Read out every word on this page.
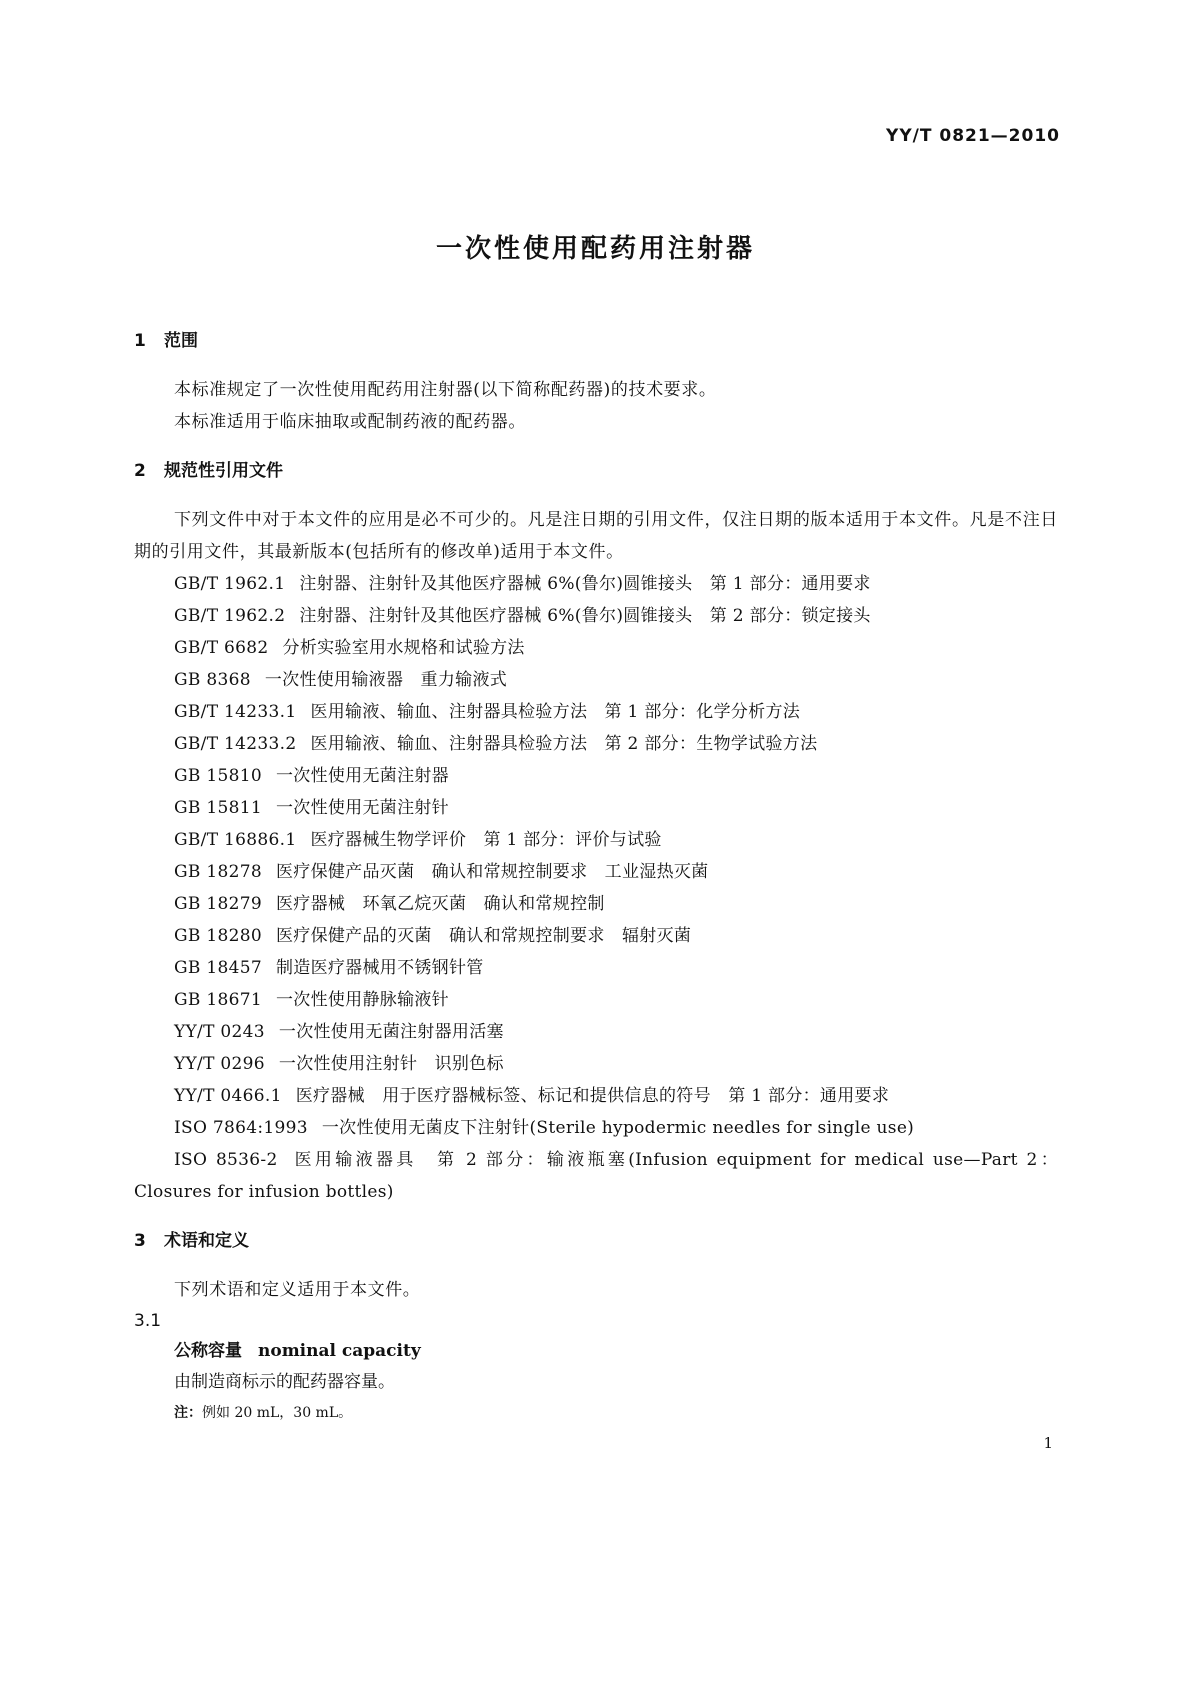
YY/T 0821—2010
一次性使用配药用注射器
1 范围

本标准规定了一次性使用配药用注射器(以下简称配药器)的技术要求。

本标准适用于临床抽取或配制药液的配药器。

2 规范性引用文件

下列文件中对于本文件的应用是必不可少的。凡是注日期的引用文件，仅注日期的版本适用于本文件。凡是不注日期的引用文件，其最新版本(包括所有的修改单)适用于本文件。

GB/T 1962.1 注射器、注射针及其他医疗器械 6%(鲁尔)圆锥接头　第 1 部分：通用要求

GB/T 1962.2 注射器、注射针及其他医疗器械 6%(鲁尔)圆锥接头　第 2 部分：锁定接头

GB/T 6682 分析实验室用水规格和试验方法

GB 8368 一次性使用输液器　重力输液式

GB/T 14233.1 医用输液、输血、注射器具检验方法　第 1 部分：化学分析方法

GB/T 14233.2 医用输液、输血、注射器具检验方法　第 2 部分：生物学试验方法

GB 15810 一次性使用无菌注射器

GB 15811 一次性使用无菌注射针

GB/T 16886.1 医疗器械生物学评价　第 1 部分：评价与试验

GB 18278 医疗保健产品灭菌　确认和常规控制要求　工业湿热灭菌

GB 18279 医疗器械　环氧乙烷灭菌　确认和常规控制

GB 18280 医疗保健产品的灭菌　确认和常规控制要求　辐射灭菌

GB 18457 制造医疗器械用不锈钢针管

GB 18671 一次性使用静脉输液针

YY/T 0243 一次性使用无菌注射器用活塞

YY/T 0296 一次性使用注射针　识别色标

YY/T 0466.1 医疗器械　用于医疗器械标签、标记和提供信息的符号　第 1 部分：通用要求

ISO 7864:1993 一次性使用无菌皮下注射针(Sterile hypodermic needles for single use)

ISO 8536-2 医用输液器具　第 2 部分：输液瓶塞(Infusion equipment for medical use—Part 2：Closures for infusion bottles)

3 术语和定义

下列术语和定义适用于本文件。

3.1

公称容量 nominal capacity

由制造商标示的配药器容量。

注：例如 20 mL，30 mL。

1
